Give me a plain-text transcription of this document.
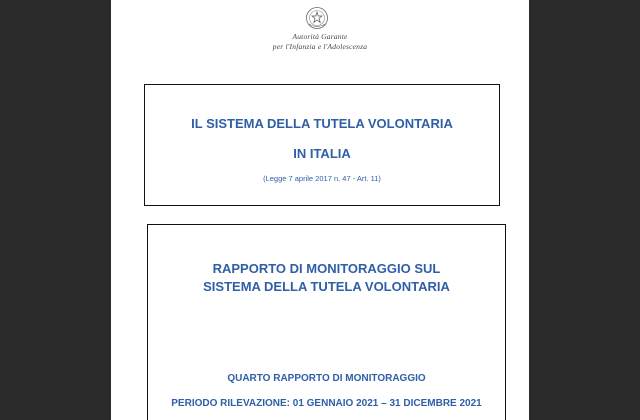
Autorità Garante
per l'Infanzia e l'Adolescenza
IL SISTEMA DELLA TUTELA VOLONTARIA
IN ITALIA
(Legge 7 aprile 2017 n. 47 - Art. 11)
RAPPORTO DI MONITORAGGIO SUL
SISTEMA DELLA TUTELA VOLONTARIA
QUARTO RAPPORTO DI MONITORAGGIO
PERIODO RILEVAZIONE: 01 GENNAIO 2021 – 31 DICEMBRE 2021
